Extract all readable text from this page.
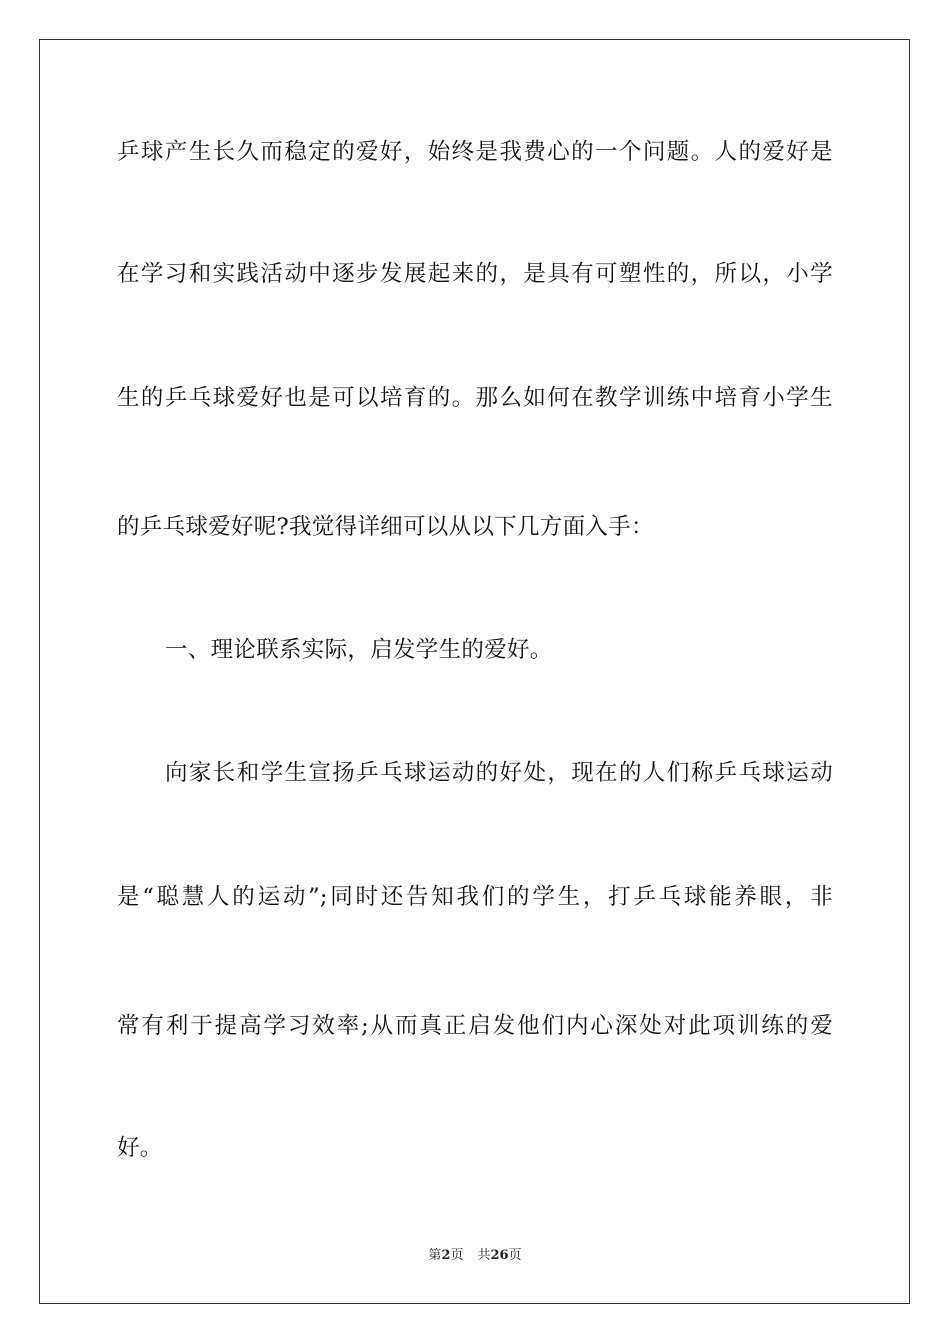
乒球产生长久而稳定的爱好，始终是我费心的一个问题。人的爱好是
在学习和实践活动中逐步发展起来的，是具有可塑性的，所以，小学
生的乒乓球爱好也是可以培育的。那么如何在教学训练中培育小学生
的乒乓球爱好呢?我觉得详细可以从以下几方面入手：
一、理论联系实际，启发学生的爱好。
向家长和学生宣扬乒乓球运动的好处，现在的人们称乒乓球运动
是“聪慧人的运动”;同时还告知我们的学生，打乒乓球能养眼，非
常有利于提高学习效率;从而真正启发他们内心深处对此项训练的爱
好。
第2页 共26页
